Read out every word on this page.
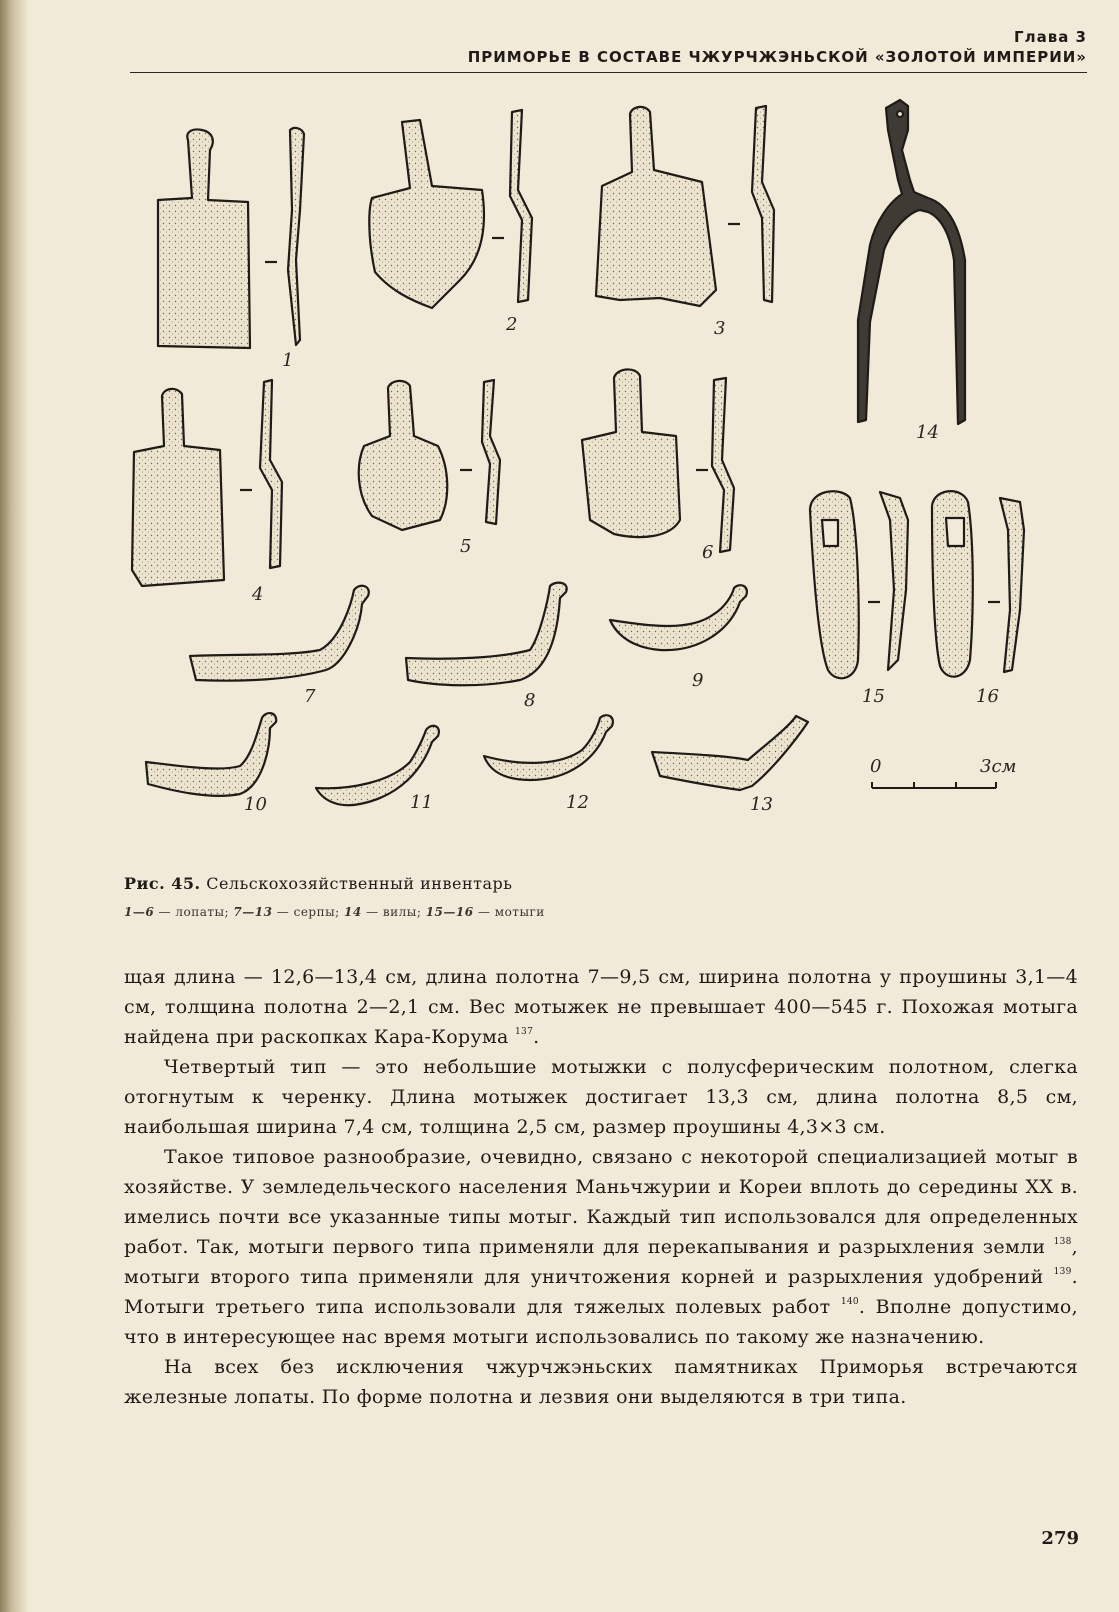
Глава 3
ПРИМОРЬЕ В СОСТАВЕ ЧЖУРЧЖЭНЬСКОЙ «ЗОЛОТОЙ ИМПЕРИИ»
0	3см
1
2	3
4
5	6
7	8
9
10	11	12	13
14
15	16
Рис. 45. Сельскохозяйственный инвентарь
1—6 — лопаты; 7—13 — серпы; 14 — вилы; 15—16 — мотыги

щая длина — 12,6—13,4 см, длина полотна 7—9,5 см, ширина полотна у проушины 3,1—4 см, толщина полотна 2—2,1 см. Вес мотыжек не превышает 400—545 г. Похожая мотыга найдена при раскопках Кара-Корума $^{137}$.

Четвертый тип — это небольшие мотыжки с полусферическим полотном, слегка отогнутым к черенку. Длина мотыжек достигает 13,3 см, длина полотна 8,5 см, наибольшая ширина 7,4 см, толщина 2,5 см, размер проушины 4,3×3 см.

Такое типовое разнообразие, очевидно, связано с некоторой специализацией мотыг в хозяйстве. У земледельческого населения Маньчжурии и Кореи вплоть до середины XX в. имелись почти все указанные типы мотыг. Каждый тип использовался для определенных работ. Так, мотыги первого типа применяли для перекапывания и разрыхления земли $^{138}$, мотыги второго типа применяли для уничтожения корней и разрыхления удобрений $^{139}$. Мотыги третьего типа использовали для тяжелых полевых работ $^{140}$. Вполне допустимо, что в интересующее нас время мотыги использовались по такому же назначению.

На всех без исключения чжурчжэньских памятниках Приморья встречаются железные лопаты. По форме полотна и лезвия они выделяются в три типа.

279
